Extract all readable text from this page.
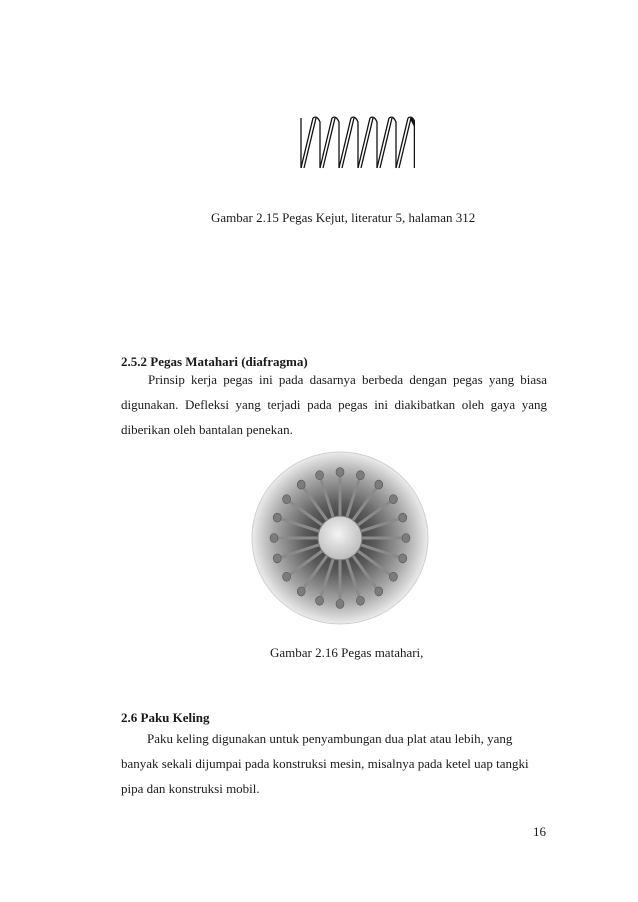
Gambar 2.15 Pegas Kejut, literatur 5, halaman 312
2.5.2 Pegas Matahari (diafragma)
Prinsip kerja pegas ini pada dasarnya berbeda dengan pegas yang biasa
digunakan. Defleksi yang terjadi pada pegas ini diakibatkan oleh gaya yang
diberikan oleh bantalan penekan.
Gambar 2.16 Pegas matahari,
2.6 Paku Keling
Paku keling digunakan untuk penyambungan dua plat atau lebih, yang
banyak sekali dijumpai pada konstruksi mesin, misalnya pada ketel uap tangki
pipa dan konstruksi mobil.
16
